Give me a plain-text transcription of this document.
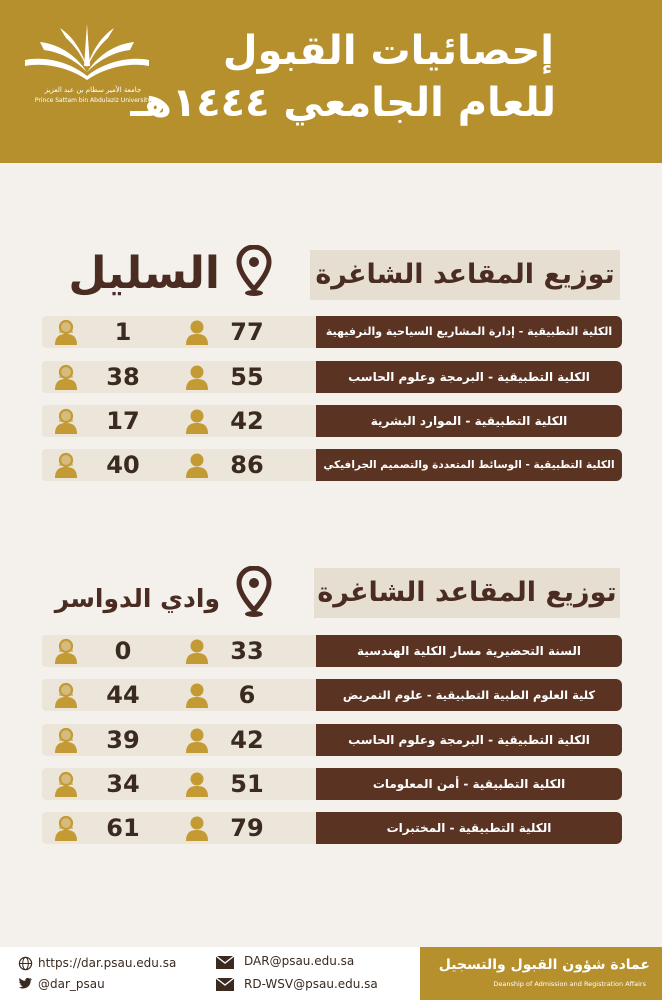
جامعة الأمير سطام بن عبد العزيز
Prince Sattam bin Abdulaziz University
إحصائيات القبول
للعام الجامعي ١٤٤٤هـ
توزيع المقاعد الشاغرة
السليل
1	77	الكلية التطبيقية - إدارة المشاريع السياحية والترفيهية
38	55	الكلية التطبيقية - البرمجة وعلوم الحاسب
17	42	الكلية التطبيقية - الموارد البشرية
40	86	الكلية التطبيقية - الوسائط المتعددة والتصميم الجرافيكي
توزيع المقاعد الشاغرة
وادي الدواسر
0	33	السنة التحضيرية مسار الكلية الهندسية
44	6	كلية العلوم الطبية التطبيقية - علوم التمريض
39	42	الكلية التطبيقية - البرمجة وعلوم الحاسب
34	51	الكلية التطبيقية - أمن المعلومات
61	79	الكلية التطبيقية - المختبرات
https://dar.psau.edu.sa
@dar_psau
DAR@psau.edu.sa
RD-WSV@psau.edu.sa
عمادة شؤون القبول والتسجيل
Deanship of Admission and Registration Affairs
